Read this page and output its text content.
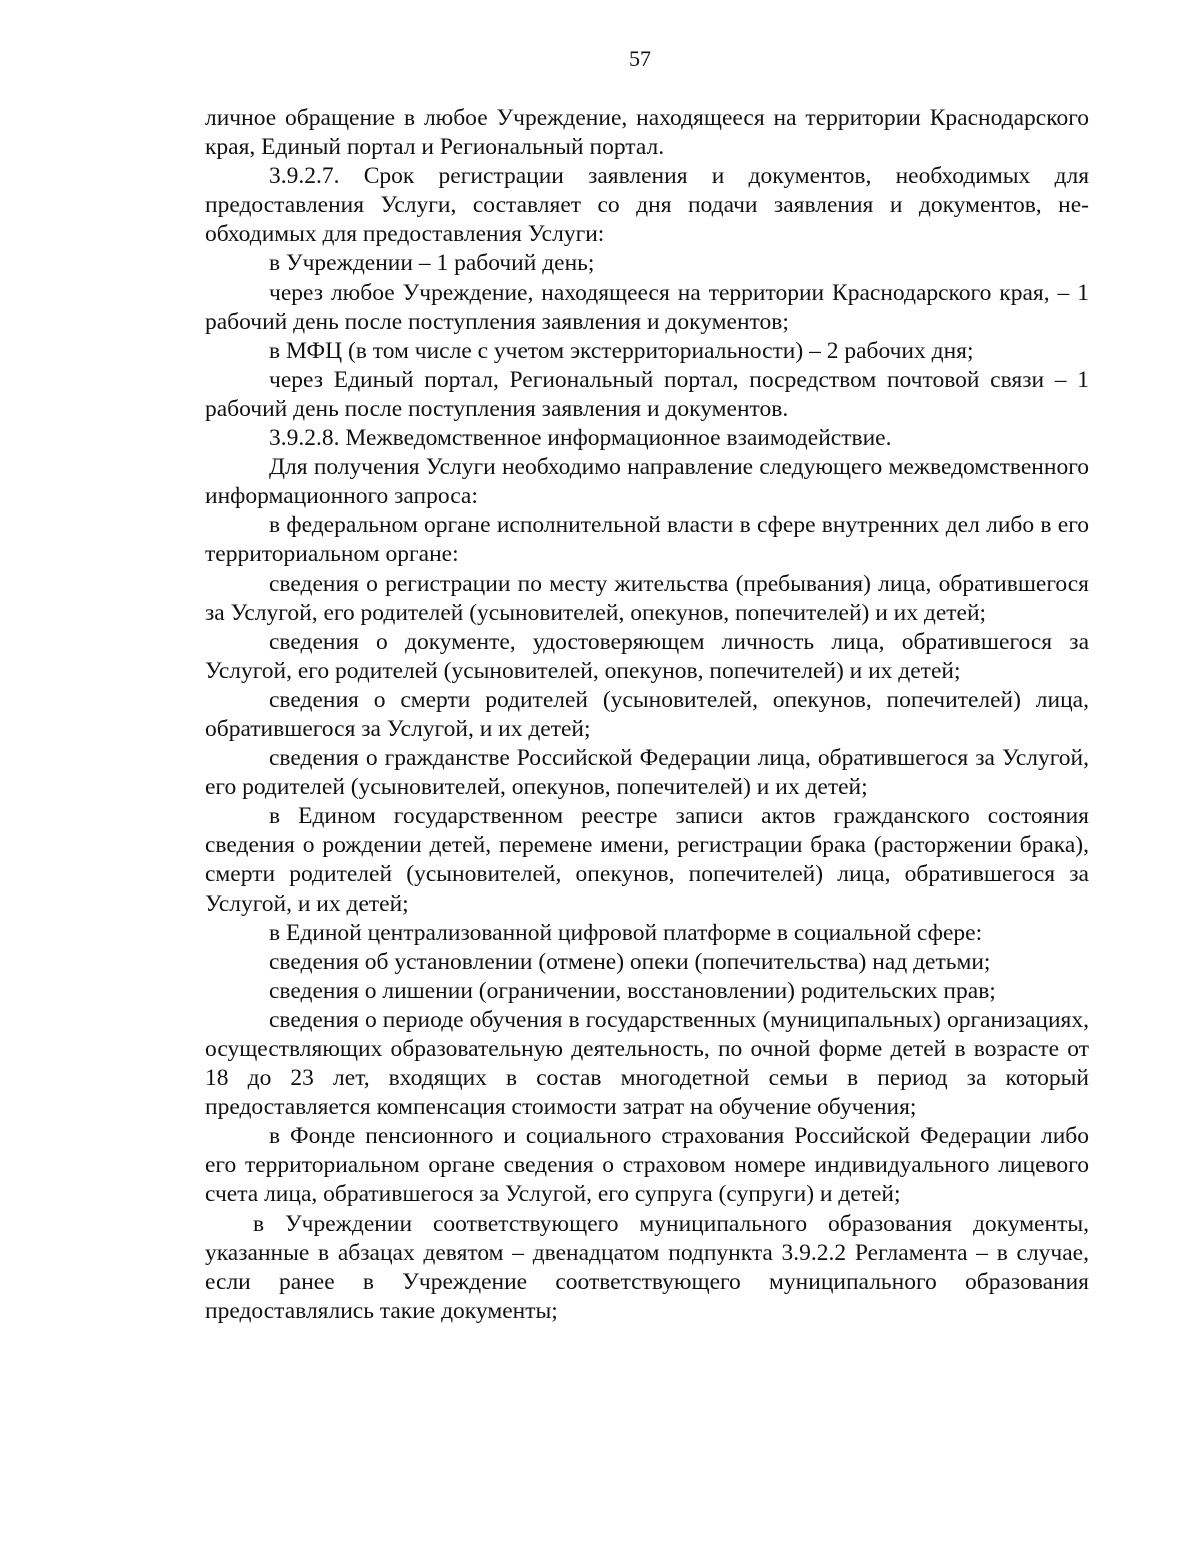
57

личное обращение в любое Учреждение, находящееся на территории Краснодарского края, Единый портал и Региональный портал.

3.9.2.7. Срок регистрации заявления и документов, необходимых для предоставления Услуги, составляет со дня подачи заявления и документов, необходимых для предоставления Услуги:

в Учреждении – 1 рабочий день;

через любое Учреждение, находящееся на территории Краснодарского края, – 1 рабочий день после поступления заявления и документов;

в МФЦ (в том числе с учетом экстерриториальности) – 2 рабочих дня;

через Единый портал, Региональный портал, посредством почтовой связи – 1 рабочий день после поступления заявления и документов.

3.9.2.8. Межведомственное информационное взаимодействие.

Для получения Услуги необходимо направление следующего межведомственного информационного запроса:

в федеральном органе исполнительной власти в сфере внутренних дел либо в его территориальном органе:

сведения о регистрации по месту жительства (пребывания) лица, обратившегося за Услугой, его родителей (усыновителей, опекунов, попечителей) и их детей;

сведения о документе, удостоверяющем личность лица, обратившегося за Услугой, его родителей (усыновителей, опекунов, попечителей) и их детей;

сведения о смерти родителей (усыновителей, опекунов, попечителей) лица, обратившегося за Услугой, и их детей;

сведения о гражданстве Российской Федерации лица, обратившегося за Услугой, его родителей (усыновителей, опекунов, попечителей) и их детей;

в Едином государственном реестре записи актов гражданского состояния сведения о рождении детей, перемене имени, регистрации брака (расторжении брака), смерти родителей (усыновителей, опекунов, попечителей) лица, обратившегося за Услугой, и их детей;

в Единой централизованной цифровой платформе в социальной сфере:

сведения об установлении (отмене) опеки (попечительства) над детьми;

сведения о лишении (ограничении, восстановлении) родительских прав;

сведения о периоде обучения в государственных (муниципальных) организациях, осуществляющих образовательную деятельность, по очной форме детей в возрасте от 18 до 23 лет, входящих в состав многодетной семьи в период за который предоставляется компенсация стоимости затрат на обучение обучения;

в Фонде пенсионного и социального страхования Российской Федерации либо его территориальном органе сведения о страховом номере индивидуального лицевого счета лица, обратившегося за Услугой, его супруга (супруги) и детей;

в Учреждении соответствующего муниципального образования документы, указанные в абзацах девятом – двенадцатом подпункта 3.9.2.2 Регламента – в случае, если ранее в Учреждение соответствующего муниципального образования предоставлялись такие документы;
